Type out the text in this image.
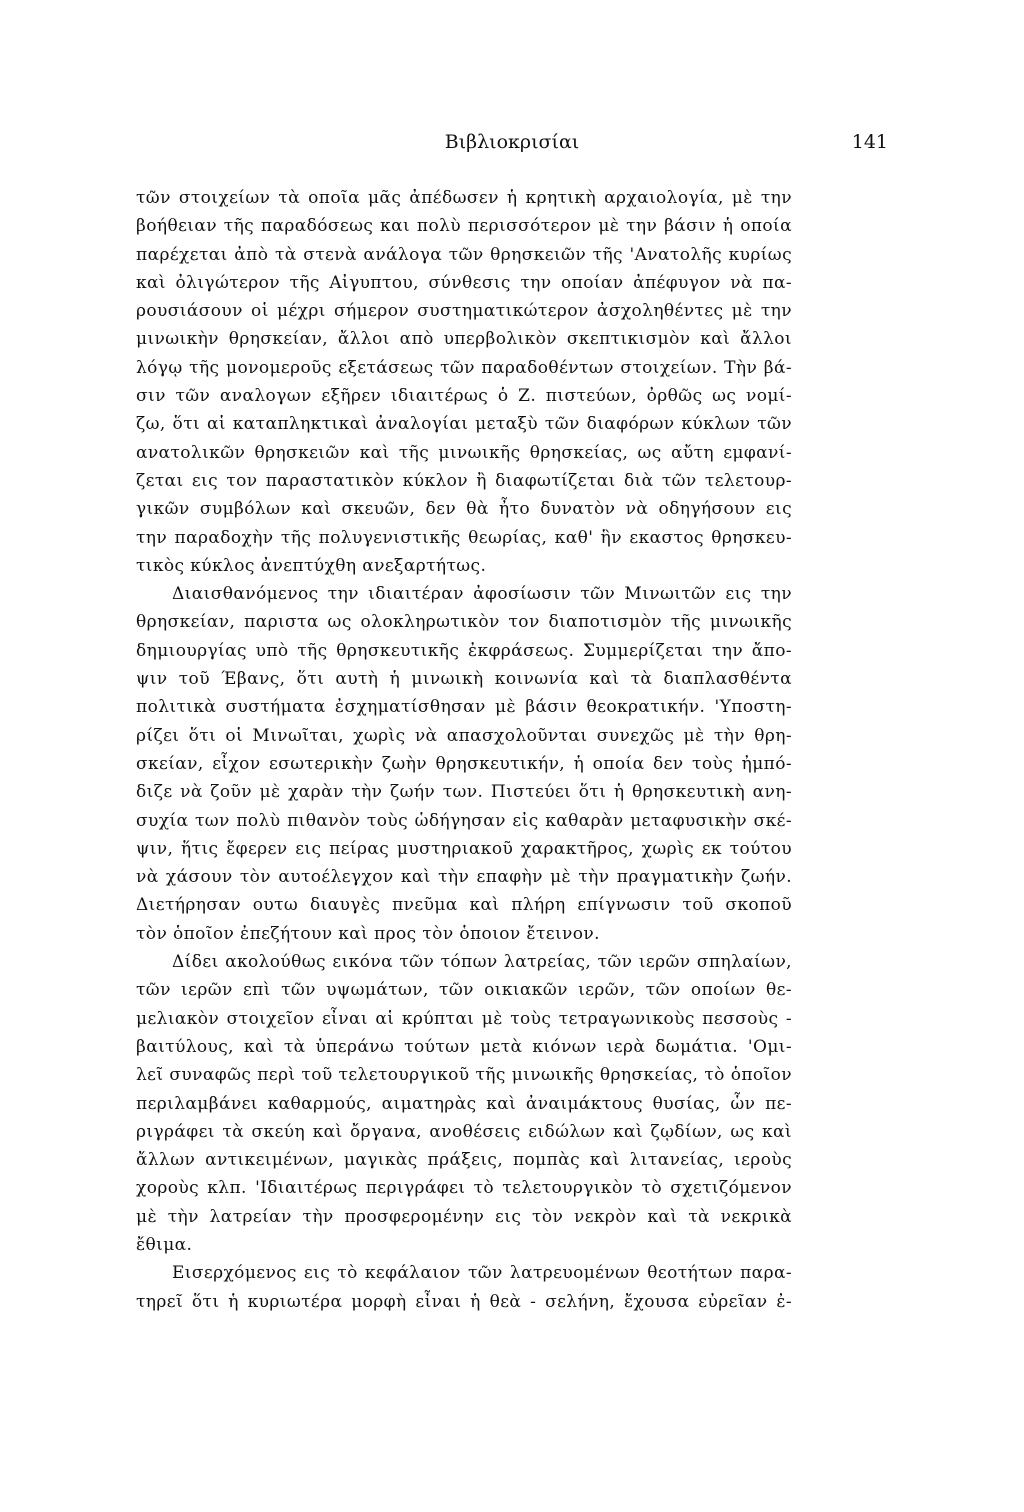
Βιβλιοκρισίαι	141
τῶν στοιχείων τὰ οποῖα μᾶς ἀπέδωσεν ἡ κρητικὴ αρχαιολογία, μὲ την
βοήθειαν τῆς παραδόσεως και πολὺ περισσότερον μὲ την βάσιν ἡ οποία
παρέχεται ἀπὸ τὰ στενὰ ανάλογα τῶν θρησκειῶν τῆς 'Ανατολῆς κυρίως
καὶ ὀλιγώτερον τῆς Αἰγυπτου, σύνθεσις την οποίαν ἀπέφυγον νὰ πα-
ρουσιάσουν οἱ μέχρι σήμερον συστηματικώτερον ἀσχοληθέντες μὲ την
μινωικὴν θρησκείαν, ἄλλοι απὸ υπερβολικὸν σκεπτικισμὸν καὶ ἄλλοι
λόγῳ τῆς μονομεροῦς εξετάσεως τῶν παραδοθέντων στοιχείων. Τὴν βά-
σιν τῶν αναλογων εξῆρεν ιδιαιτέρως ὁ Ζ. πιστεύων, ὀρθῶς ως νομί-
ζω, ὅτι αἱ καταπληκτικαὶ ἀναλογίαι μεταξὺ τῶν διαφόρων κύκλων τῶν
ανατολικῶν θρησκειῶν καὶ τῆς μινωικῆς θρησκείας, ως αὔτη εμφανί-
ζεται εις τον παραστατικὸν κύκλον ἢ διαφωτίζεται διὰ τῶν τελετουρ-
γικῶν συμβόλων καὶ σκευῶν, δεν θὰ ἦτο δυνατὸν νὰ οδηγήσουν εις
την παραδοχὴν τῆς πολυγενιστικῆς θεωρίας, καθ' ἣν εκαστος θρησκευ-
τικὸς κύκλος ἀνεπτύχθη ανεξαρτήτως.
Διαισθανόμενος την ιδιαιτέραν ἀφοσίωσιν τῶν Μινωιτῶν εις την
θρησκείαν, παριστα ως ολοκληρωτικὸν τον διαποτισμὸν τῆς μινωικῆς
δημιουργίας υπὸ τῆς θρησκευτικῆς ἐκφράσεως. Συμμερίζεται την ἄπο-
ψιν τοῦ Έβανς, ὅτι αυτὴ ἡ μινωικὴ κοινωνία καὶ τὰ διαπλασθέντα
πολιτικὰ συστήματα ἐσχηματίσθησαν μὲ βάσιν θεοκρατικήν. 'Υποστη-
ρίζει ὅτι οἱ Μινωῖται, χωρὶς νὰ απασχολοῦνται συνεχῶς μὲ τὴν θρη-
σκείαν, εἶχον εσωτερικὴν ζωὴν θρησκευτικήν, ἡ οποία δεν τοὺς ἠμπό-
διζε νὰ ζοῦν μὲ χαρὰν τὴν ζωήν των. Πιστεύει ὅτι ἡ θρησκευτικὴ ανη-
συχία των πολὺ πιθανὸν τοὺς ὡδήγησαν εἰς καθαρὰν μεταφυσικὴν σκέ-
ψιν, ἥτις ἔφερεν εις πείρας μυστηριακοῦ χαρακτῆρος, χωρὶς εκ τούτου
νὰ χάσουν τὸν αυτοέλεγχον καὶ τὴν επαφὴν μὲ τὴν πραγματικὴν ζωήν.
Διετήρησαν ουτω διαυγὲς πνεῦμα καὶ πλήρη επίγνωσιν τοῦ σκοποῦ
τὸν ὁποῖον ἐπεζήτουν καὶ προς τὸν ὁποιον ἔτεινον.
Δίδει ακολούθως εικόνα τῶν τόπων λατρείας, τῶν ιερῶν σπηλαίων,
τῶν ιερῶν επὶ τῶν υψωμάτων, τῶν οικιακῶν ιερῶν, τῶν οποίων θε-
μελιακὸν στοιχεῖον εἶναι αἱ κρύπται μὲ τοὺς τετραγωνικοὺς πεσσοὺς -
βαιτύλους, καὶ τὰ ὑπεράνω τούτων μετὰ κιόνων ιερὰ δωμάτια. 'Ομι-
λεῖ συναφῶς περὶ τοῦ τελετουργικοῦ τῆς μινωικῆς θρησκείας, τὸ ὁποῖον
περιλαμβάνει καθαρμούς, αιματηρὰς καὶ ἀναιμάκτους θυσίας, ὧν πε-
ριγράφει τὰ σκεύη καὶ ὄργανα, ανοθέσεις ειδώλων καὶ ζῳδίων, ως καὶ
ἄλλων αντικειμένων, μαγικὰς πράξεις, πομπὰς καὶ λιτανείας, ιεροὺς
χοροὺς κλπ. 'Ιδιαιτέρως περιγράφει τὸ τελετουργικὸν τὸ σχετιζόμενον
μὲ τὴν λατρείαν τὴν προσφερομένην εις τὸν νεκρὸν καὶ τὰ νεκρικὰ
ἔθιμα.
Εισερχόμενος εις τὸ κεφάλαιον τῶν λατρευομένων θεοτήτων παρα-
τηρεῖ ὅτι ἡ κυριωτέρα μορφὴ εἶναι ἡ θεὰ - σελήνη, ἔχουσα εὐρεῖαν ἐ-
